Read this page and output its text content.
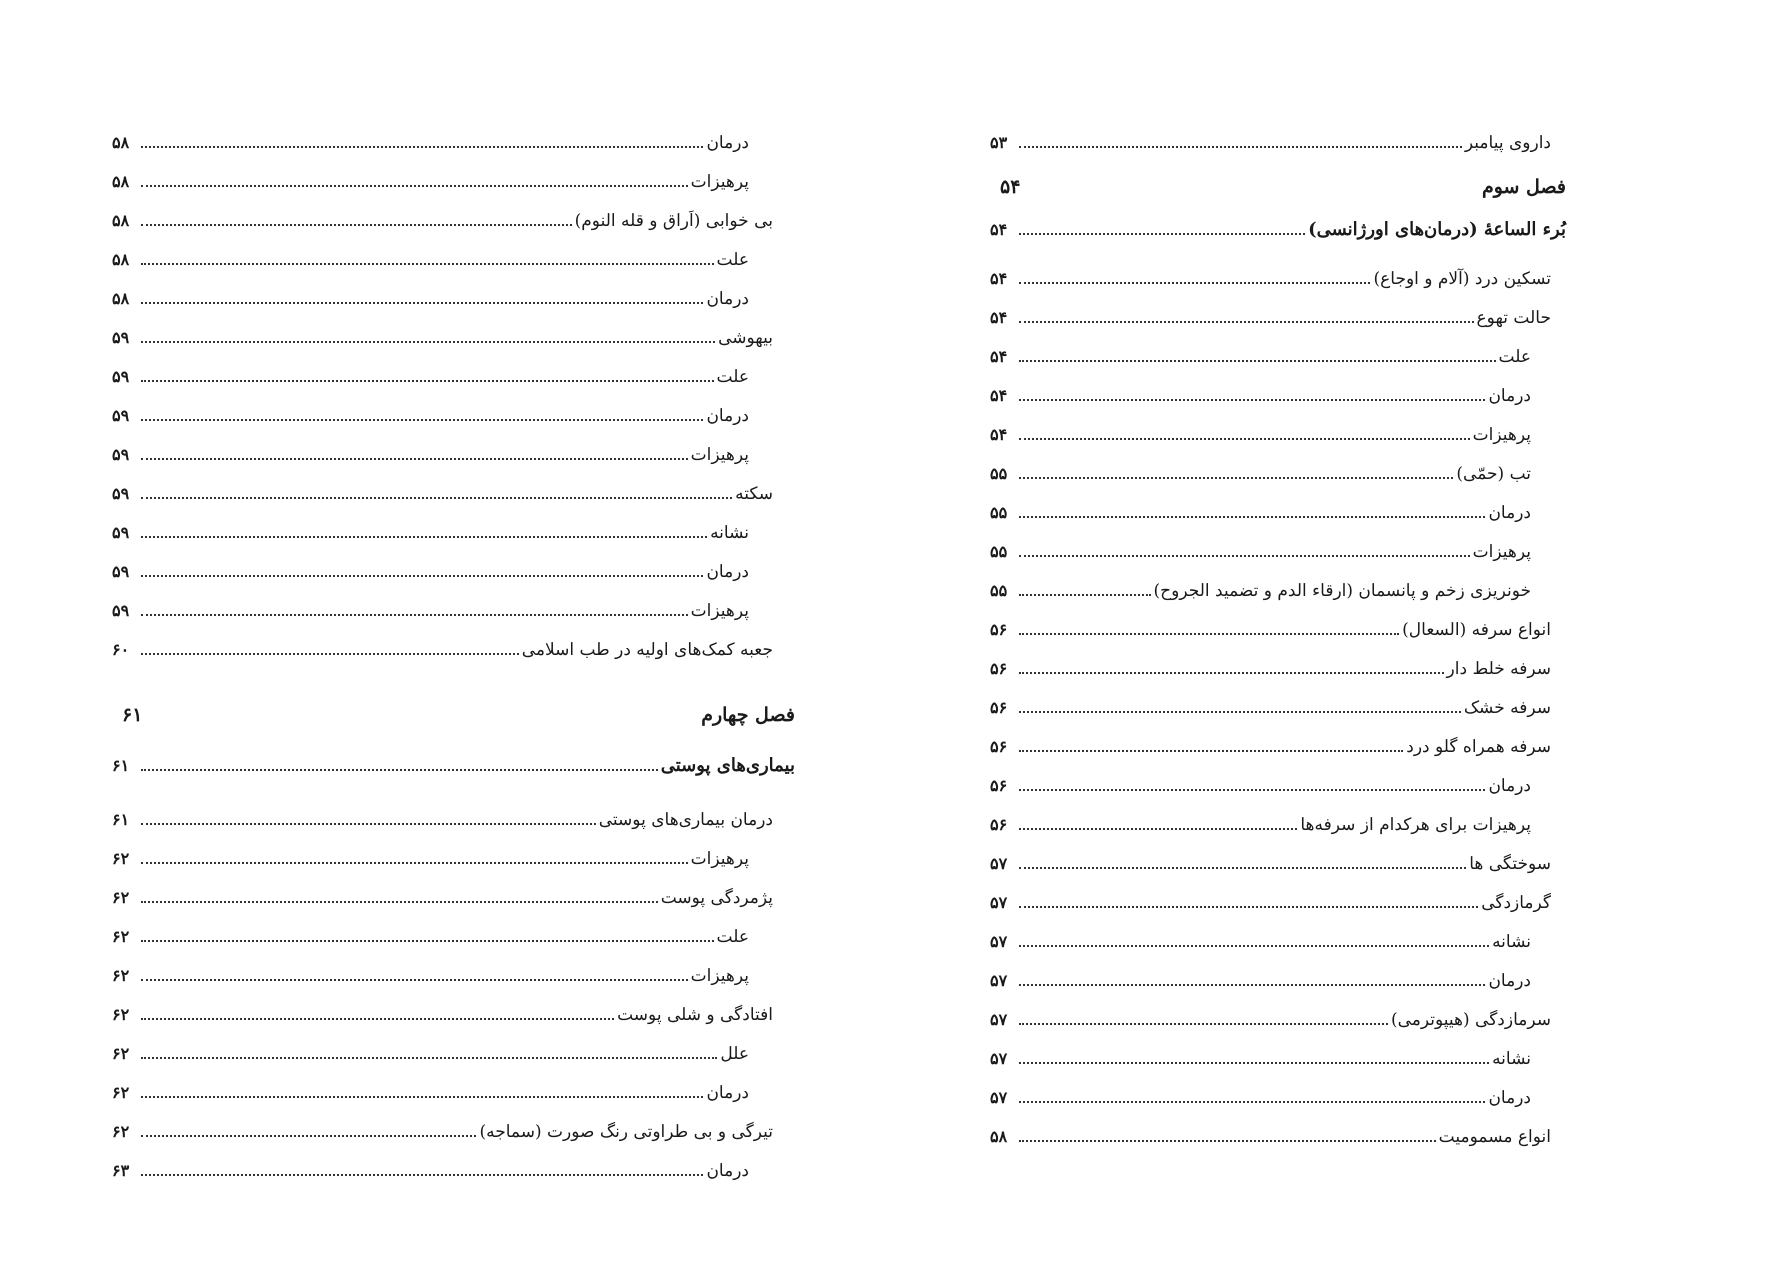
داروی پیامبر
۵۳
فصل سوم
۵۴
بُرء الساعهٔ (درمان‌های اورژانسی)
۵۴
تسکین درد (آلام و اوجاع)
۵۴
حالت تهوع
۵۴
علت
۵۴
درمان
۵۴
پرهیزات
۵۴
تب (حمّی)
۵۵
درمان
۵۵
پرهیزات
۵۵
خونریزی زخم و پانسمان (ارقاء الدم و تضمید الجروح)
۵۵
انواع سرفه (السعال)
۵۶
سرفه خلط دار
۵۶
سرفه خشک
۵۶
سرفه همراه گلو درد
۵۶
درمان
۵۶
پرهیزات برای هرکدام از سرفه‌ها
۵۶
سوختگی ها
۵۷
گرمازدگی
۵۷
نشانه
۵۷
درمان
۵۷
سرمازدگی (هیپوترمی)
۵۷
نشانه
۵۷
درمان
۵۷
انواع مسمومیت
۵۸
درمان
۵۸
پرهیزات
۵۸
بی خوابی (اَراق و قله النوم)
۵۸
علت
۵۸
درمان
۵۸
بیهوشی
۵۹
علت
۵۹
درمان
۵۹
پرهیزات
۵۹
سکته
۵۹
نشانه
۵۹
درمان
۵۹
پرهیزات
۵۹
جعبه کمک‌های اولیه در طب اسلامی
۶۰
فصل چهارم
۶۱
بیماری‌های پوستی
۶۱
درمان بیماری‌های پوستی
۶۱
پرهیزات
۶۲
پژمردگی پوست
۶۲
علت
۶۲
پرهیزات
۶۲
افتادگی و شلی پوست
۶۲
علل
۶۲
درمان
۶۲
تیرگی و بی طراوتی رنگ صورت (سماجه)
۶۲
درمان
۶۳
